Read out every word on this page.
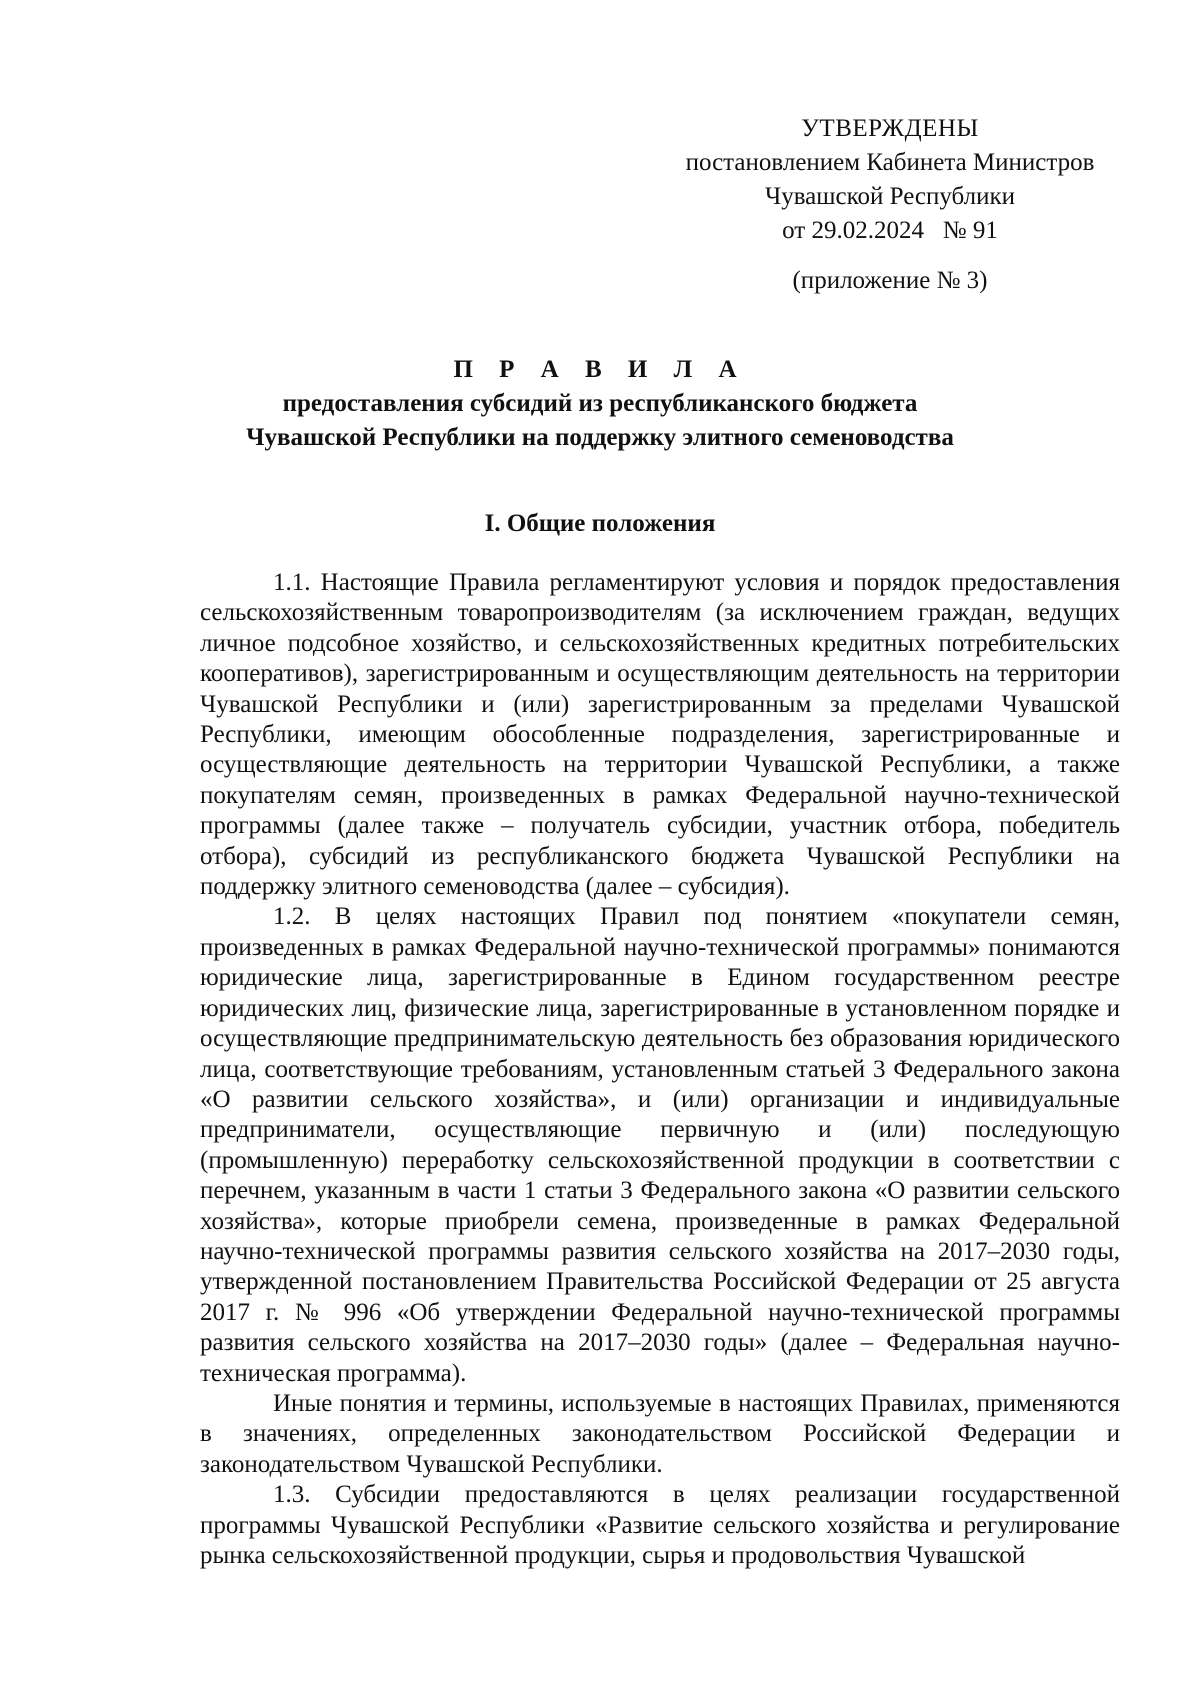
УТВЕРЖДЕНЫ
постановлением Кабинета Министров
Чувашской Республики
от 29.02.2024   № 91
(приложение № 3)
П Р А В И Л А
предоставления субсидий из республиканского бюджета
Чувашской Республики на поддержку элитного семеноводства
I. Общие положения

1.1. Настоящие Правила регламентируют условия и порядок предоставления сельскохозяйственным товаропроизводителям (за исключением граждан, ведущих личное подсобное хозяйство, и сельскохозяйственных кредитных потребительских кооперативов), зарегистрированным и осуществляющим деятельность на территории Чувашской Республики и (или) зарегистрированным за пределами Чувашской Республики, имеющим обособленные подразделения, зарегистрированные и осуществляющие деятельность на территории Чувашской Республики, а также покупателям семян, произведенных в рамках Федеральной научно-технической программы (далее также – получатель субсидии, участник отбора, победитель отбора), субсидий из республиканского бюджета Чувашской Республики на поддержку элитного семеноводства (далее – субсидия).

1.2. В целях настоящих Правил под понятием «покупатели семян, произведенных в рамках Федеральной научно-технической программы» понимаются юридические лица, зарегистрированные в Едином государственном реестре юридических лиц, физические лица, зарегистрированные в установленном порядке и осуществляющие предпринимательскую деятельность без образования юридического лица, соответствующие требованиям, установленным статьей 3 Федерального закона «О развитии сельского хозяйства», и (или) организации и индивидуальные предприниматели, осуществляющие первичную и (или) последующую (промышленную) переработку сельскохозяйственной продукции в соответствии с перечнем, указанным в части 1 статьи 3 Федерального закона «О развитии сельского хозяйства», которые приобрели семена, произведенные в рамках Федеральной научно-технической программы развития сельского хозяйства на 2017–2030 годы, утвержденной постановлением Правительства Российской Федерации от 25 августа 2017 г. № 996 «Об утверждении Федеральной научно-технической программы развития сельского хозяйства на 2017–2030 годы» (далее – Федеральная научно-техническая программа).

Иные понятия и термины, используемые в настоящих Правилах, применяются в значениях, определенных законодательством Российской Федерации и законодательством Чувашской Республики.

1.3. Субсидии предоставляются в целях реализации государственной программы Чувашской Республики «Развитие сельского хозяйства и регулирование рынка сельскохозяйственной продукции, сырья и продовольствия Чувашской
